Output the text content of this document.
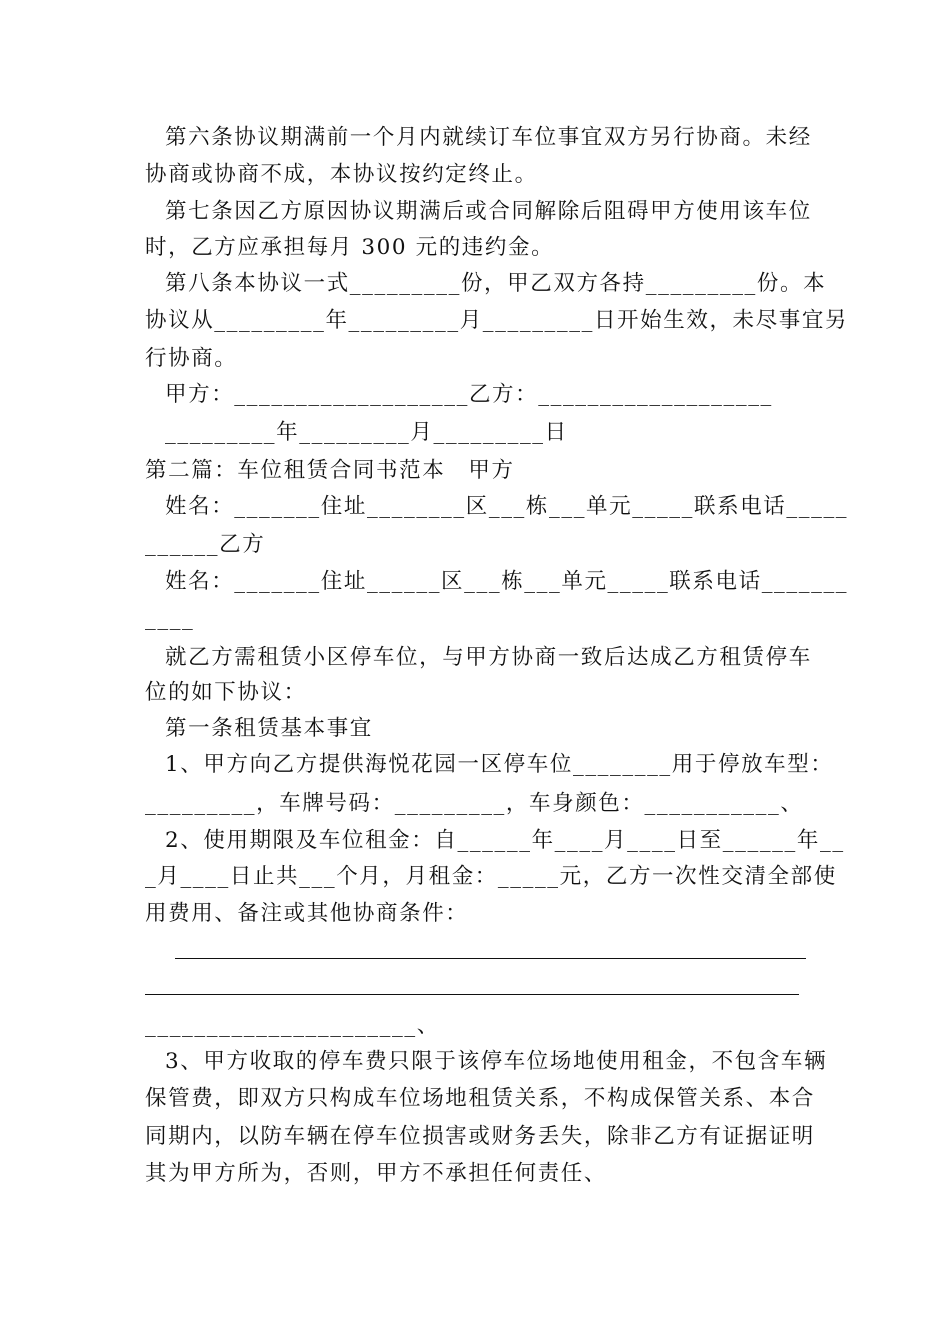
第六条协议期满前一个月内就续订车位事宜双方另行协商。未经
协商或协商不成，本协议按约定终止。
第七条因乙方原因协议期满后或合同解除后阻碍甲方使用该车位
时，乙方应承担每月 300 元的违约金。
第八条本协议一式_________份，甲乙双方各持_________份。本
协议从_________年_________月_________日开始生效，未尽事宜另
行协商。
甲方：___________________乙方：___________________
_________年_________月_________日
第二篇：车位租赁合同书范本　甲方
姓名：_______住址________区___栋___单元_____联系电话_____
______乙方
姓名：_______住址______区___栋___单元_____联系电话_______
____
就乙方需租赁小区停车位，与甲方协商一致后达成乙方租赁停车
位的如下协议：
第一条租赁基本事宜
1、甲方向乙方提供海悦花园一区停车位________用于停放车型：
_________，车牌号码：_________，车身颜色：___________、
2、使用期限及车位租金：自______年____月____日至______年__
_月____日止共___个月，月租金：_____元，乙方一次性交清全部使
用费用、备注或其他协商条件：
______________________、
3、甲方收取的停车费只限于该停车位场地使用租金，不包含车辆
保管费，即双方只构成车位场地租赁关系，不构成保管关系、本合
同期内，以防车辆在停车位损害或财务丢失，除非乙方有证据证明
其为甲方所为，否则，甲方不承担任何责任、
